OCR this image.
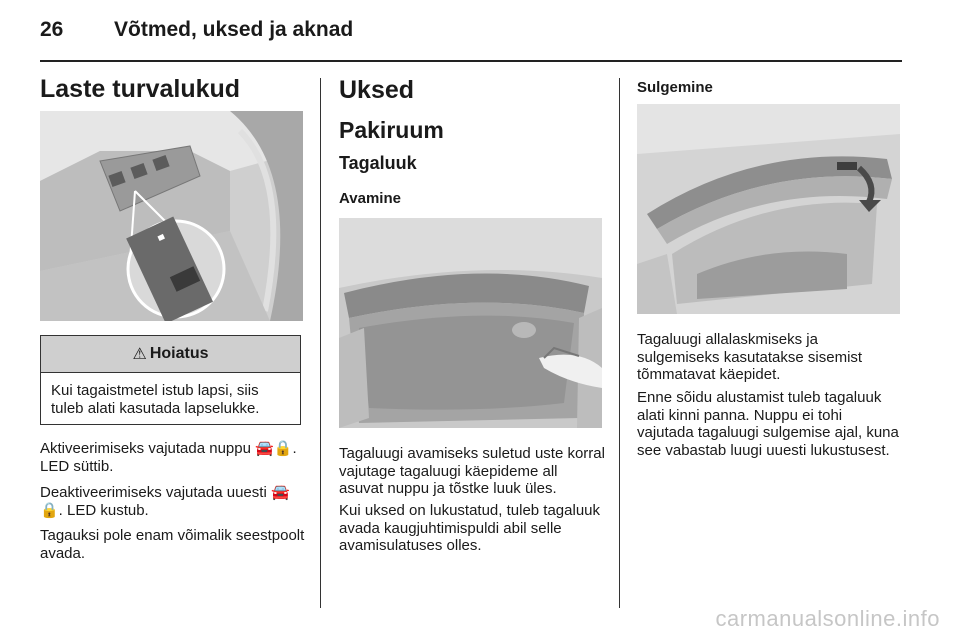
26 Võtmed, uksed ja aknad
Laste turvalukud
⚠ Hoiatus
Kui tagaistmetel istub lapsi, siis tuleb alati kasutada lapselukke.

Aktiveerimiseks vajutada nuppu 🚘🔒. LED süttib.

Deaktiveerimiseks vajutada uuesti 🚘 🔒. LED kustub.

Tagauksi pole enam võimalik seestpoolt avada.

Uksed
Pakiruum
Tagaluuk
Avamine

Tagaluugi avamiseks suletud uste korral vajutage tagaluugi käepideme all asuvat nuppu ja tõstke luuk üles.

Kui uksed on lukustatud, tuleb tagaluuk avada kaugjuhtimispuldi abil selle avamisulatuses olles.

Sulgemine

Tagaluugi allalaskmiseks ja sulgemiseks kasutatakse sisemist tõmmatavat käepidet.

Enne sõidu alustamist tuleb tagaluuk alati kinni panna. Nuppu ei tohi vajutada tagaluugi sulgemise ajal, kuna see vabastab luugi uuesti lukustusest.

carmanualsonline.info
